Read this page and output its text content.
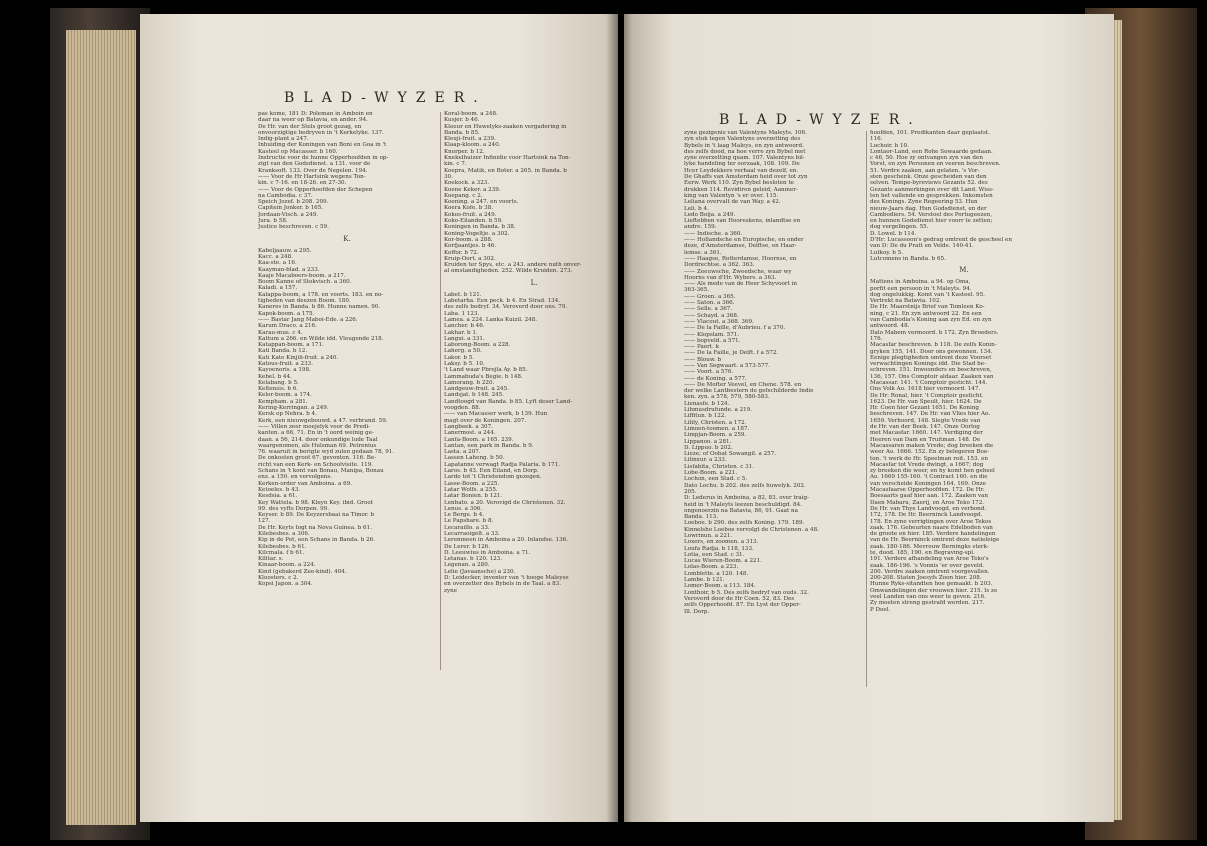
BLAD-WYZER.
pas kome, 181 D: Poleman in Amboin en
daar na weer op Batavia, en ander. 94.
De Hr. van der Stels groot gezag, en
onvoorzigtige bedryven in 't Kerkelyke. 137.
Indig-plant a 247.
Inhuiding der Koningen van Boni en Goa in 't
Kasteel op Macasser. b 160.
Instructie voor de hunne Opperhoofden in op-
zigt van den Godsdienst. a 131. voor de
Kranksoft. 133. Over de Negelen. 194.
—— Voor de Hr Hartsink wegens Ton-
kin. c 7-16. en 18-26. en 27-30.
—— Voor de Opperhoofden der Schepen
na Cambodia. c 37.
Speich Jozef. b 208. 209.
Capitein Jonker. b 165.
Jordaan-Visch. a 249.
Jura. b 58.
Justice beschreven. c 59.
K.
Kabeljaauw. a 295.
Kacc. a 248.
Kaa-ste. a 16.
Kaayman-blad. a 233.
Kaaje Macaboers-boom. a 217.
Boom Kanne of Stokvisch. a 360.
Kaladi. a 157.
Kalappa-boom, a 178. en voorts. 183. en no-
tigheden van deezen Boom. 180.
Kaneres in Banda. b 86. Hunne namen. 90.
Kapok-boom. a 175.
—— Bastar Jang Maboi-Ede. a 226.
Karum Draco. a 216.
Karau-mus. c 4.
Kattum a 266. en Wilde idd. Vleugende 218.
Katappan-boom. a 171.
Kati Banda. b 12.
Kati Kate Kinjili-fruit. a 240.
Katous-fruit. a 233.
Kayoenoris. a 198.
Kebel. b 44.
Kelabang. b 5.
Keltensis. b 6.
Kelor-boom. a 174.
Kempham. a 281.
Kering-Kerringan. a 249.
Kersk op Nehra. b 4.
Kerk, een nieuwgebouwd. a 47. verbrand. 59.
—— Villen zeer moejelyk voor de Predi-
kanten. a 66, 71. En in 't oord weinig ge-
daan. a 56, 214. door onkundige lude Taal
waargenomen, als Hulsman 69. Petrenius
76. waaruit in berigte wyd zulen gedaan 78, 91.
De onkosten groot 67. gevonten. 116. Be-
richt van een Kerk- en Schoolvisite. 119.
Schans in 't kont van Bonau, Manipa, Bonau
enz. a 150. en vervolgens.
Kerken-order van Amboina. a 69.
Ketoeles. b 43.
Kesdsia. a 61.
Key Wattela. b 98. Kleyn Key. ibid. Groot
99. des vyfts Dorpen. 99.
Keyser. b 89. De Keyzersbaai na Timor. b
127.
De Hr. Keyts togt na Nova Guinea. b 61.
Kilebesbes. a 306.
Kip in de Pot, een Schans in Banda. b 26.
Kilebesbes. b 61.
Kilcmala. f b 61.
Kilitar. s.
Kinaar-boom. a 224.
Kind (gebakerd Zee-kind). 404.
Kloosters. c 2.
Kopsi Japon. a 304.
Koral-boom. a 248.
Kusjer. b 46.
Kleeur en Huwelyks-zaaken vergadering in
Banda. b 85.
Kleuji-fruit. a 239.
Klaap-kloom. a 240.
Knorper. b 12.
Knekelhuizer Infinidie voor Hartsink na Ton-
kin. c 7.
Koepra, Matik, en Boter. a 265. in Banda. b
30.
Koekock. a 323.
Koene Keker. a 239.
Koepang. c 2.
Koening. a 247. en voorts.
Koera Kofe. b 38.
Kokos-fruit. a 249.
Koko-Eilanden. b 59.
Koningen in Banda. b 38.
Koning-Vogeltje. a 302.
Kor-boom. a 288.
Korfjaantjes. b 46.
Koffor. b 72.
Kruip-Oort. a 302.
Kruiden ter Spys, etc. a 243. andere nuth onver-
al omstandigheden. 252. Wilde Kruiden. 273.
L.
Labet. b 121.
Labetarha. Een peck. b 4. En Strad. 134.
des zelfs bedryf. 34. Veroverd door ons. 79.
Laba. 1 123.
Lamea. a 224. Lanka Kuizil. 248.
Lancher. b 46.
Lakhar. b 1.
Langui. a 331.
Laborong-Boom. a 228.
Laherg. a 50.
Lakor. b 5.
Laksy. b 5. 10.
't Land waar Pbrejla Ay. b 85.
Lammabuda's Begie. b 148.
Lamorang. b 220.
Landgeuw-fruit. a 245.
Landsjat. b 148. 245.
Landtoogd van Banda. b 85. Lyft deser Land-
voogden. 88.
—— van Macasser werk, b 139. Hun
magt over de Koningen. 207.
Langbeek. a 307.
Lanermost. a 244.
Lanfa-Boom. a 165. 239.
Lantan, een park in Banda. b 9.
Lasta. a 207.
Lassen Laheng. b 50.
Lapatanne verwagt Radja Palaria. b 171.
Laros. b 43. Een Eiland, en Dorp.
Lardo tot 't Christendom gezegen.
Lasse-Boom. a 225.
Latar Wolfs. a 255.
Latar Bonien. b 121.
Lenbato. a 20. Verovigd de Christenen. 32.
Lenus. a 306.
Le Berge. b 4.
Le Papshare. b 8.
Lecaraillo. a 33.
Lecarraoigelt. a 33.
Lerenmeen in Amboina a 20. Inlandse. 136.
De Lerer. b 126.
D. Leeuwius in Amboina. a 71.
Letanas. b 120. 123.
Legenan. a 280.
Lelie (Javaansche) a 230.
D: Leidecker, inventer van 't hooge Maleyse
en overzetter des Bybels in de Taal. a 83.
zyne
BLAD-WYZER.
zyne gezigenis van Valentyns Maleyts. 106.
zyn stuk tegen Valentyns overzetting des
Bybels in 't laag Maleys, en zyn antwoord.
des zelfs dood, na hoe verre zyn Bybel met
zyne overzetting quam. 107. Valentyns bil-
lyke handeling ter oorzaak, 108. 109. De
Hcer Leydekkers verhaal van dezelf, en.
De Ghaffs van Amsterdam heid over tot zyn
Eerw. Werk 110. Zyn Bybel besloten te
drukken 114. Revidiren geleid, Aanmer-
king van Valentyn 's er over. 115.
Leliana overvalt de van Way. a 42.
Leli. b 4.
Ledo Boija. a 249.
Lieftebben van Hooreskens, inlandtse en
andre. 159.
—— Indische. a 360.
—— Hollandsche en Europische, en onder
deze, d'Amsterdamse, Delftse, en Haar-
lemse. a 361.
—— Haagse, Rotterdamse, Hoornse, en
Dordrechtse. a 362. 363.
—— Zeeuwsche, Zweedsche, waar wy
Hoorns van d'Hr. Wybers. a 363.
—— Als mede van de Heer Schyvoort in
363-365.
—— Groen. a 365.
—— Saton. a 366.
—— Selle. a 367.
—— Schayd. a 368.
—— Vlacout. a 368. 369.
—— De la Faille, d'Aubrieu. f a 370.
—— Klopslam. 571.
—— bopveld. a 571.
—— Paert. k
—— De la Faille, je Delft. f a 572.
—— Blouw. b
—— Van Segwaart. a 573-577.
—— Voort. a 576.
—— de Koning. a 577.
—— De Mofter Veevel, en Chene. 578. en
der welke Lantbestern de gefschilderde Indie
ken. zyn. a 578, 579, 580-583.
Lienasfe. b 124.
Lihmusdrufunde. a 219.
Liffitun. b 122.
Lilily, Christen. a 172.
Limoen-toomen. a 187.
Limpjan-Boom. a 259.
Lippanoo. a 281.
D. Lippuo. b 202.
Lieze; of Oobat Sowangil. a 257.
Lilinxur. a 233.
Lisfabita, Christen. c 31.
Lobe-Boom. a 221.
Lochon, een Stad. c 5.
Dato Lochu. b 202. des zelfs huwelyk. 202.
205.
D: Lederus in Amboina, a 82, 83. over traig-
heid in 't Maleyts leezen beschuldigd. 84.
ongenoerzin na Batavia, 86, 91. Gaat na
Banda. 113.
Loeboe. b 290. des zelfs Koning. 179. 189.
Kinnelsho Loeboe vervolgt de Christenen. a 48.
Lowrinun. a 221.
Loxers, en zoomen. a 313.
Loufa Radja. b 118, 133.
Lotia, een Stad. c 31.
Lucas Wieren-Boom. a 221.
Lolas-Boom. a 223.
Lomblette. a 120. 148.
Lambe. b 121.
Lomer-Boom. a 113. 184.
Lonthoir, b 5. Des zelfs bedryf van ouds. 32.
Veroverd door de Hr Coen. 52, 83. Des
zelfs Opperhoofd. 87. En Lyst der Opper-
Ill. Dorp.
hoofden, 101. Predikanten daar geplaatst.
116.
Lochoir. b 10.
Lontaor-Land, een Rohe Sowaarde gedaan.
c 46, 50. Hoe zy ontvangen zyn van den
Vorst, en zyn Personen en veeren beschreven.
51. Verdre zaaken, aan gelaten. 's Vor-
sten geschenk. Onze gescheiden van den
selven. Tempe-byreviews Gezants 52. des
Gezants aanmerkingen over dit Land. Wiss-
ten het vallende en gesprekken. Inkomsten
des Konings. Zyne Regeering 53. Hun
nieuw-Jaars dag. Hun Godsdienst, en der
Cambodiers. 54. Verstoel des Portugeezen,
en hunnen Godsdienst hier voorr te zetten;
dog vergelingen. 55.
D. Lowel. b 114.
D'Hr: Lucassoon's gedrag omtrent de gescheel en
van D: De du Pratt en Velde. 140-41.
Lutkoy. b 5.
Lutcomens in Banda. b 65.
M.
Mattens in Amboina. a 94. op Oma,
porfit een persoon in 't Maleyts. 94.
dog ongelukkig. Komt van 't Kasteel. 95.
Vertrekt na Batavia. 102.
De Hr. Maarstnijs Brief van Tomleen Ko-
ning, c 21. En zyn antwoord 22. En een
van Cambodia's Koning aan zyn Ed. en zyn
antwoord. 48.
Dalo Mabem vermoord. b 172. Zyn Broeders.
176.
Macasfar beschreven. b 118. De zelfs Konin-
gryken 155, 141. Door ons gewonnen. 134.
Eenige plegtigheden omtrent deze Voorset
verwachtingen Konings idd. Die Stad be-
schreven. 151. Inwoonders en beschreven,
136, 157. Ons Comptoir aldaar. Zaaken van
Macassar. 141. 't Comptoir gesticht. 144.
Ons Volk Ao. 1618 hier vermoord. 147.
De Hr: Ronal, hier. 't Comptoir gesticht.
1623. De Hr. van Speult, hier. 1624. De
Hr. Coen hier Gezant 1651. De Koning
beschreven. 147. De Hr. van Vlies hier Ao.
1659. Verhoord, 148. Slegte Vrede van
de Hr. van der Beek. 147. Onze Oorlog
met Macasfar. 1660. 147. Verdiging der
Heeren van Dam en Truitman. 148. De
Macassaren maken Vrede; dog breeken die
weer Ao. 1666. 152. En zy belegeren Boe-
ton. 't werk de Hr. Speelman reit. 153. en
Macasfar tot Vrede dwingt, a 1667; dog
zy breeken die weer, en hy komt hen geheel
Ao. 1669 155-160. 't Contract 160. en die
van verscheide Koningen 164, 169. Onze
Macasfaarse Opperhoofden. 172. De Hr.
Boesaarts gaaf hier aan. 172. Zaaken van
Daen Mabaru, Zaerij, en Aroe Teko 172.
De Hr. van Thye Landvoogd, en verbond.
172, 178. De Hr. Beerninck Landvoogd.
178. En zyne verrigtingen over Aroe Tekos
zaak. 176. Gebeurten naare Edelboden van
de groote en hier. 185. Verdere handelingen
van de Hr. Beerninck omtrent deze natieleige
zaak. 180-186. Mevrouw Berningks sterk-
te, dood. 185, 190. en Begraving-spl.
191. Verdere afhandeling van Aroe Teko's
zaak. 186-196. 's Vonnis 'er over geveld.
200. Verdre zaaken omtrent voorgevallen.
200-208. Staten Joesyfs Zoon hier. 208.
Hunne Ryks-sitandten hoe gemaakt. b 203.
Omwandelingen der vrouwen hier. 215. Is ze
veel Landen van ons weer te geven. 216.
Zy moeten streng gestrafd werden. 217.
P Doel.
